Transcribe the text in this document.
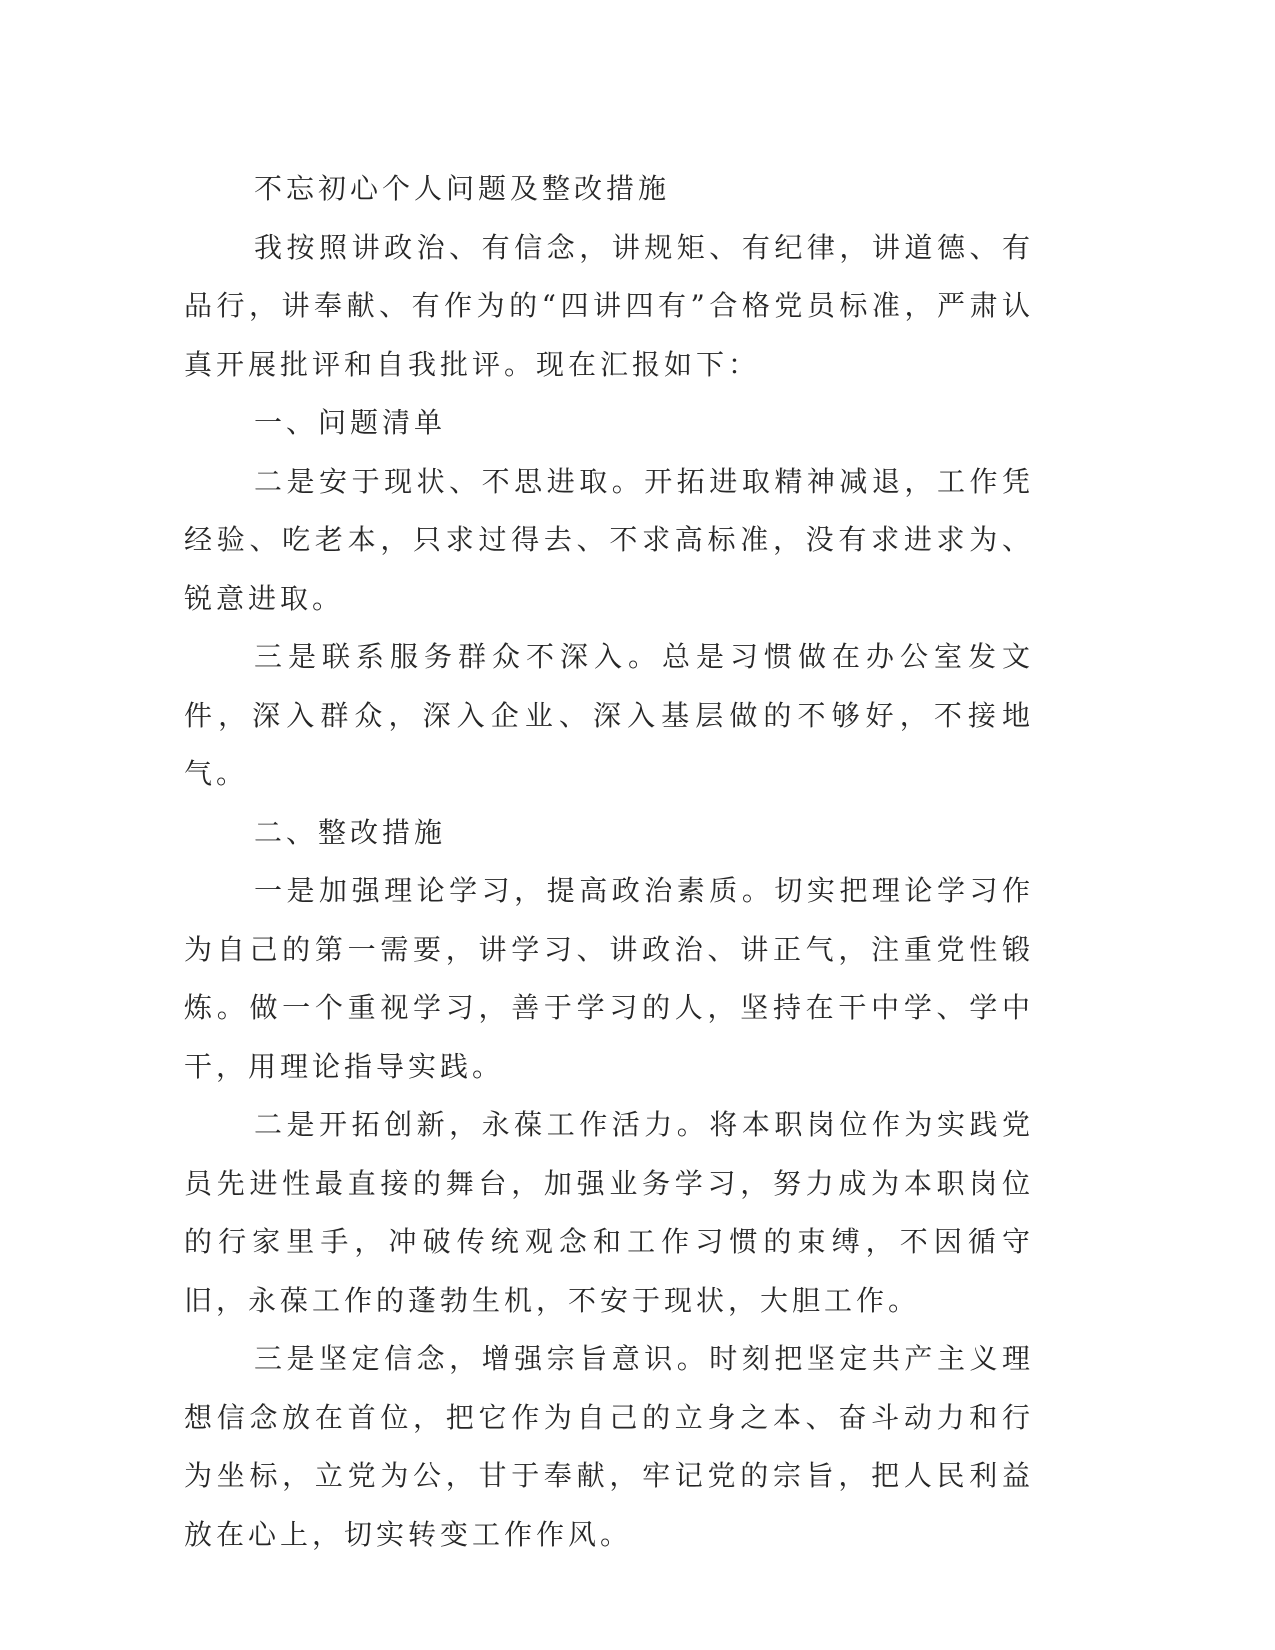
不忘初心个人问题及整改措施

我按照讲政治、有信念，讲规矩、有纪律，讲道德、有品行，讲奉献、有作为的“四讲四有”合格党员标准，严肃认真开展批评和自我批评。现在汇报如下：

一、问题清单

二是安于现状、不思进取。开拓进取精神减退，工作凭经验、吃老本，只求过得去、不求高标准，没有求进求为、锐意进取。

三是联系服务群众不深入。总是习惯做在办公室发文件，深入群众，深入企业、深入基层做的不够好，不接地气。

二、整改措施

一是加强理论学习，提高政治素质。切实把理论学习作为自己的第一需要，讲学习、讲政治、讲正气，注重党性锻炼。做一个重视学习，善于学习的人，坚持在干中学、学中干，用理论指导实践。

二是开拓创新，永葆工作活力。将本职岗位作为实践党员先进性最直接的舞台，加强业务学习，努力成为本职岗位的行家里手，冲破传统观念和工作习惯的束缚，不因循守旧，永葆工作的蓬勃生机，不安于现状，大胆工作。

三是坚定信念，增强宗旨意识。时刻把坚定共产主义理想信念放在首位，把它作为自己的立身之本、奋斗动力和行为坐标，立党为公，甘于奉献，牢记党的宗旨，把人民利益放在心上，切实转变工作作风。
